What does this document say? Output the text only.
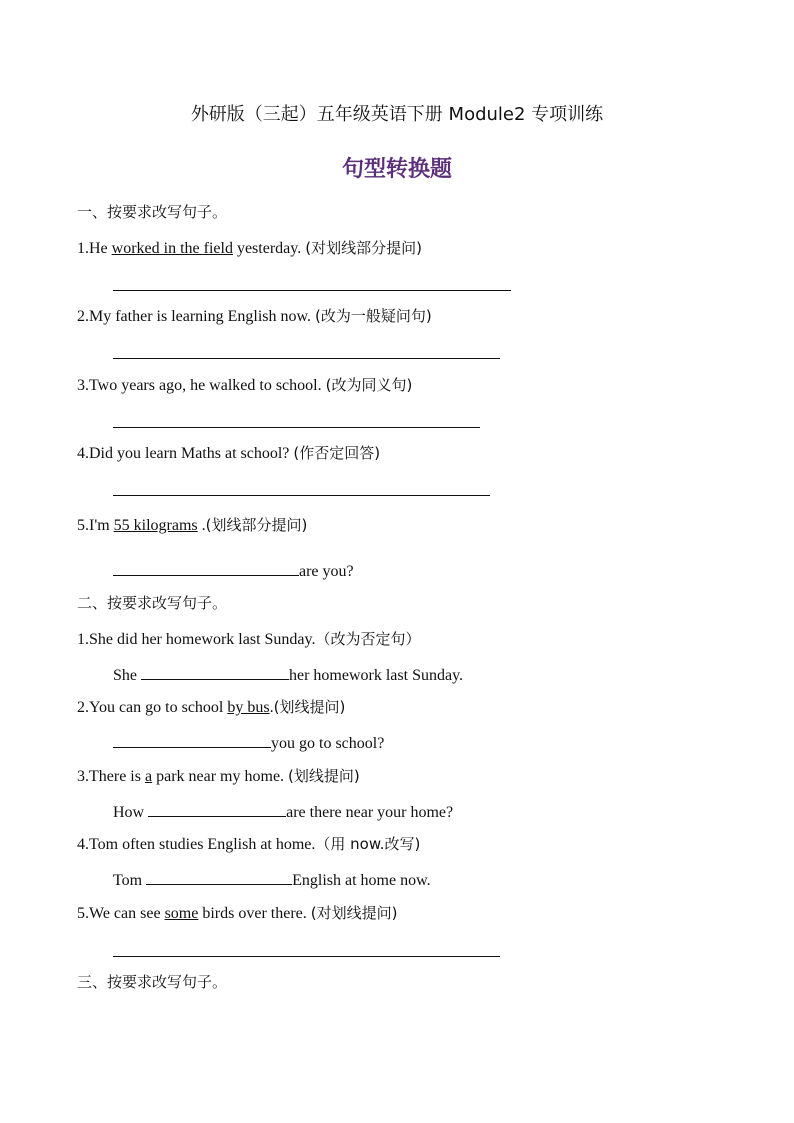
外研版（三起）五年级英语下册 Module2 专项训练
句型转换题
一、按要求改写句子。
1.He worked in the field yesterday. (对划线部分提问)
2.My father is learning English now. (改为一般疑问句)
3.Two years ago, he walked to school. (改为同义句)
4.Did you learn Maths at school? (作否定回答)
5.I'm 55 kilograms .(划线部分提问)
are you?
二、按要求改写句子。
1.She did her homework last Sunday.（改为否定句）
She	her homework last Sunday.
2.You can go to school by bus.(划线提问)
you go to school?
3.There is a park near my home. (划线提问)
How	are there near your home?
4.Tom often studies English at home.（用 now.改写)
Tom	English at home now.
5.We can see some birds over there. (对划线提问)
三、按要求改写句子。
